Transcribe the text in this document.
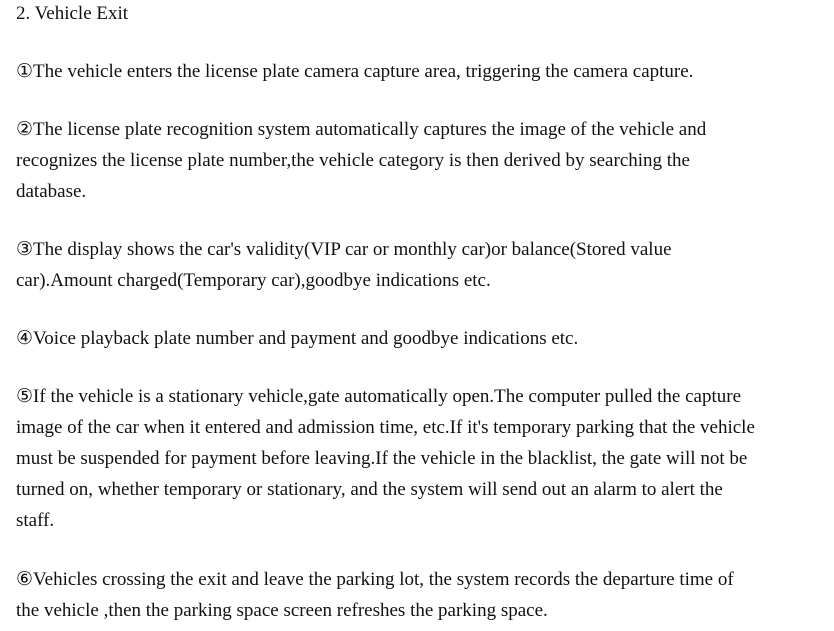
2. Vehicle Exit
①The vehicle enters the license plate camera capture area, triggering the camera capture.
②The license plate recognition system automatically captures the image of the vehicle and
recognizes the license plate number,the vehicle category is then derived by searching the
database.
③The display shows the car's validity(VIP car or monthly car)or balance(Stored value
car).Amount charged(Temporary car),goodbye indications etc.
④Voice playback plate number and payment and goodbye indications etc.
⑤If the vehicle is a stationary vehicle,gate automatically open.The computer pulled the capture
image of the car when it entered and admission time, etc.If it's temporary parking that the vehicle
must be suspended for payment before leaving.If the vehicle in the blacklist, the gate will not be
turned on, whether temporary or stationary, and the system will send out an alarm to alert the
staff.
⑥Vehicles crossing the exit and leave the parking lot, the system records the departure time of
the vehicle ,then the parking space screen refreshes the parking space.
